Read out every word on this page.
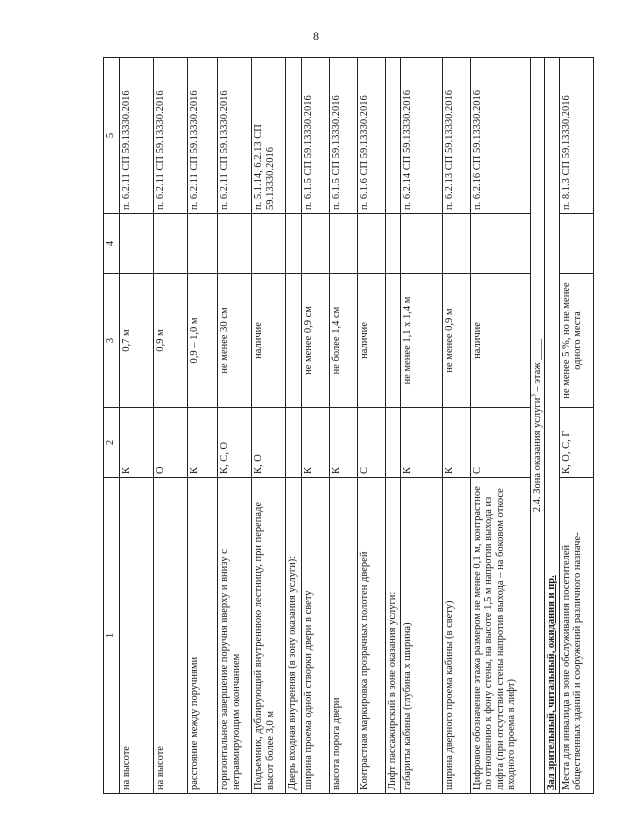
8
1	2	3	4	5
на высоте	К	0,7 м		п. 6.2.11 СП 59.13330.2016
на высоте	О	0,9 м		п. 6.2.11 СП 59.13330.2016
расстояние между поручнями	К	0,9 – 1,0 м		п. 6.2.11 СП 59.13330.2016
горизонтальное завершение поручня вверху и внизу с нетравмирующим окончанием	К, С, О	не менее 30 см		п. 6.2.11 СП 59.13330.2016
Подъемник, дублирующий внутреннюю лестницу, при перепаде высот более 3,0 м	К, О	наличие		п. 5.1.14, 6.2.13 СП 59.13330.2016
Дверь входная внутренняя (в зону оказания услуги):				
ширина проема одной створки двери в свету	К	не менее 0,9 см		п. 6.1.5 СП 59.13330.2016
высота порога двери	К	не более 1,4 см		п. 6.1.5 СП 59.13330.2016
Контрастная маркировка прозрачных полотен дверей	С	наличие		п. 6.1.6 СП 59.13330.2016
Лифт пассажирский в зоне оказания услуги:				
габариты кабины (глубина х ширина)	К	не менее 1,1 х 1,4 м		п. 6.2.14 СП 59.13330.2016
ширина дверного проема кабины (в свету)	К	не менее 0,9 м		п. 6.2.13 СП 59.13330.2016
Цифровое обозначение этажа размером не менее 0,1 м, контрастное по отношению к фону стены, на высоте 1,5 м напротив выхода из лифта (при отсутствии стены напротив выхода – на боковом откосе входного проема в лифт)	С	наличие		п. 6.2.16 СП 59.13330.2016
2.4. Зона оказания услуги$^3$ – этаж ____				
Зал зрительный, читальный, ожидания и пр.				
Места для инвалида в зоне обслуживания посетителей общественных зданий и сооружений различного назначе-	К, О, С, Г	не менее 5 %, но не менее одного места		п. 8.1.3 СП 59.13330.2016
